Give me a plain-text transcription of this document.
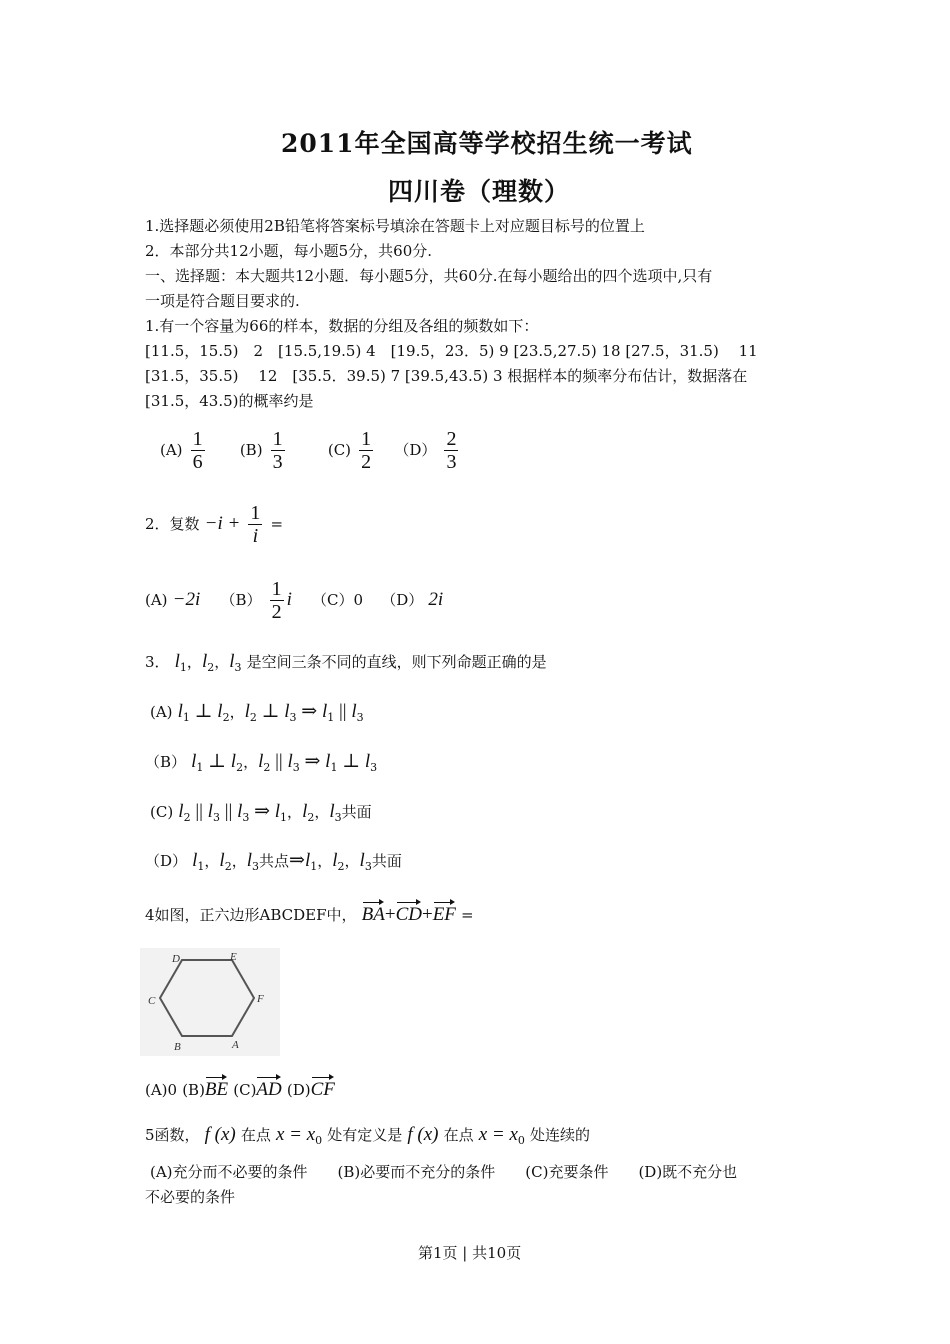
2011年全国高等学校招生统一考试
四川卷（理数）
1.选择题必须使用2B铅笔将答案标号填涂在答题卡上对应题目标号的位置上
2．本部分共12小题，每小题5分，共60分.
一、选择题：本大题共12小题．每小题5分，共60分.在每小题给出的四个选项中,只有
一项是符合题目要求的.
1.有一个容量为66的样本，数据的分组及各组的频数如下：
[11.5，15.5)　2　[15.5,19.5) 4　[19.5，23．5) 9 [23.5,27.5) 18 [27.5，31.5)　 11
[31.5，35.5)　 12　[35.5．39.5) 7 [39.5,43.5) 3 根据样本的频率分布估计，数据落在
[31.5，43.5)的概率约是
$(A) \frac{1}{6} (B) \frac{1}{3}$	$(C) \frac{1}{2} (D) \frac{2}{3}$
2．复数 $-i + \frac{1}{i}$ =
(A) −2i $(B) \frac{1}{2}$ i （C）0 （D） 2i
3． $l_1$，$l_2$，$l_3$ 是空间三条不同的直线，则下列命题正确的是
(A) $l_1$ ⊥ $l_2$，$l_2$ ⊥ $l_3$ ⇒ $l_1$ || $l_3$
（B） $l_1$ ⊥ $l_2$，$l_2$ || $l_3$ ⇒ $l_1$ ⊥ $l_3$
(C) $l_2$ || $l_3$ || $l_3$ ⇒ $l_1$，$l_2$，$l_3$共面
（D） $l_1$，$l_2$，$l_3$共点$\Rightarrow l_1$，$l_2$，$l_3$共面
4如图，正六边形ABCDEF中， BA+CD+EF =
D	E
C	F
B	A
(A)0 (B)BE (C)AD (D)CF
5函数， f (x) 在点 $x = x_0$ 处有定义是 f (x) 在点 $x = x_0$ 处连续的
(A)充分而不必要的条件　　(B)必要而不充分的条件　　(C)充要条件　　(D)既不充分也
不必要的条件
第1页 | 共10页
